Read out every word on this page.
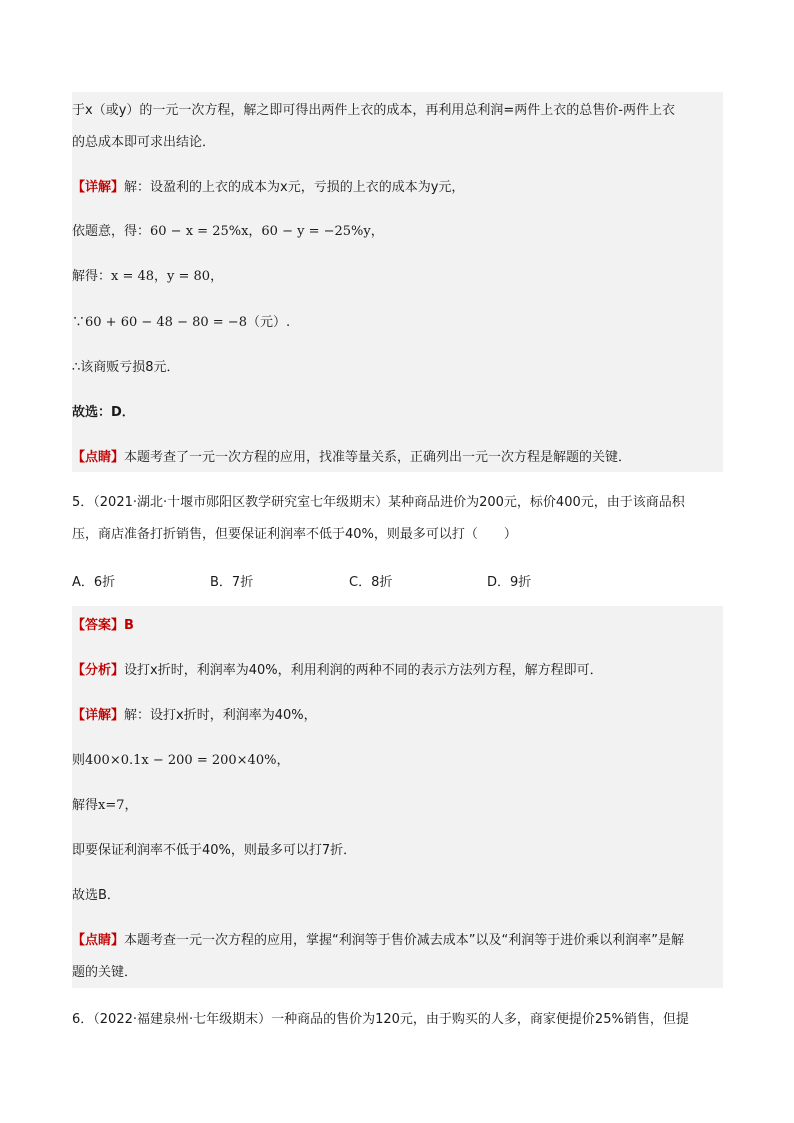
于x（或y）的一元一次方程，解之即可得出两件上衣的成本，再利用总利润=两件上衣的总售价-两件上衣
的总成本即可求出结论．
【详解】解：设盈利的上衣的成本为x元，亏损的上衣的成本为y元，
依题意，得：60 − x = 25%x，60 − y = −25%y，
解得：x = 48，y = 80，
∵60 + 60 − 48 − 80 = −8（元）.
∴该商贩亏损8元．
故选：D．
【点睛】本题考查了一元一次方程的应用，找准等量关系，正确列出一元一次方程是解题的关键．
5．（2021·湖北·十堰市郧阳区教学研究室七年级期末）某种商品进价为200元，标价400元，由于该商品积
压，商店准备打折销售，但要保证利润率不低于40%，则最多可以打（　　）
A．6折	B．7折	C．8折	D．9折
【答案】B
【分析】设打x折时，利润率为40%，利用利润的两种不同的表示方法列方程，解方程即可．
【详解】解：设打x折时，利润率为40%，
则400×0.1x − 200 = 200×40%，
解得x=7，
即要保证利润率不低于40%，则最多可以打7折．
故选B．
【点睛】本题考查一元一次方程的应用，掌握“利润等于售价减去成本”以及“利润等于进价乘以利润率”是解
题的关键．
6．（2022·福建泉州·七年级期末）一种商品的售价为120元，由于购买的人多，商家便提价25%销售，但提
